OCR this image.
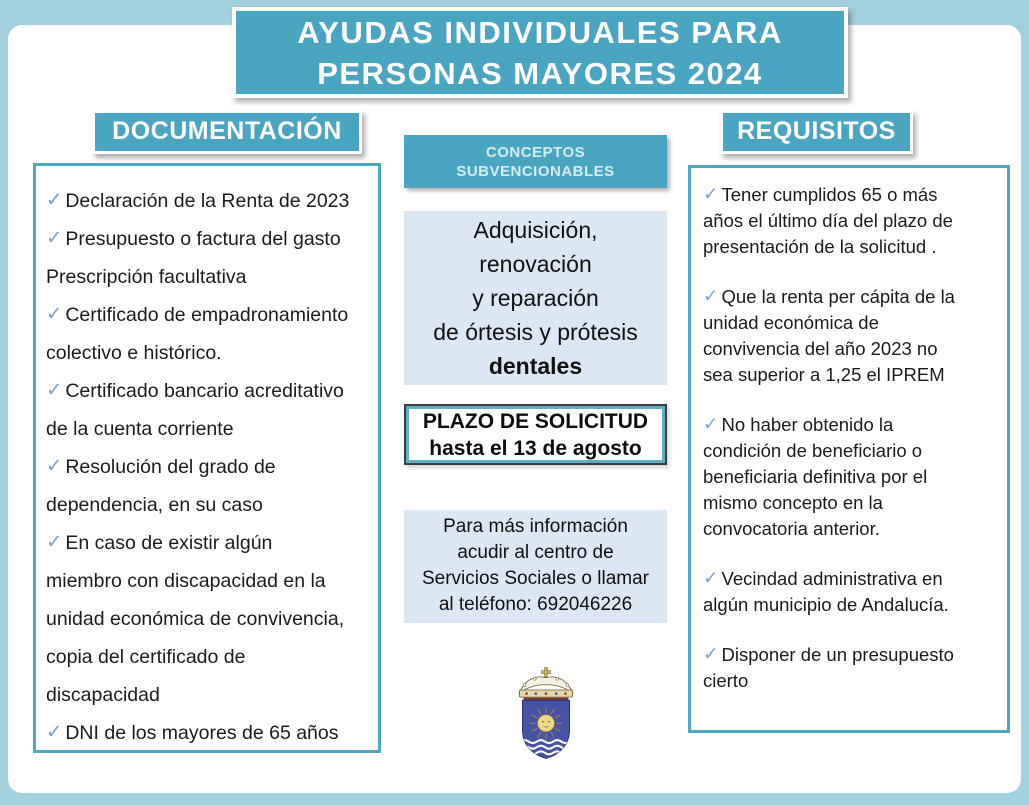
AYUDAS INDIVIDUALES PARA
PERSONAS MAYORES 2024
DOCUMENTACIÓN	REQUISITOS
✓ Declaración de la Renta de 2023
✓ Presupuesto o factura del gasto
Prescripción facultativa
✓ Certificado de empadronamiento
colectivo e histórico.
✓ Certificado bancario acreditativo
de la cuenta corriente
✓ Resolución del grado de
dependencia, en su caso
✓ En caso de existir algún
miembro con discapacidad en la
unidad económica de convivencia,
copia del certificado de
discapacidad
✓ DNI de los mayores de 65 años
CONCEPTOS
SUBVENCIONABLES
Adquisición,
renovación
y reparación
de órtesis y prótesis
dentales
PLAZO DE SOLICITUD
hasta el 13 de agosto
Para más información
acudir al centro de
Servicios Sociales o llamar
al teléfono: 692046226
✓ Tener cumplidos 65 o más
años el último día del plazo de
presentación de la solicitud .
✓ Que la renta per cápita de la
unidad económica de
convivencia del año 2023 no
sea superior a 1,25 el IPREM
✓ No haber obtenido la
condición de beneficiario o
beneficiaria definitiva por el
mismo concepto en la
convocatoria anterior.
✓ Vecindad administrativa en
algún municipio de Andalucía.
✓ Disponer de un presupuesto
cierto
